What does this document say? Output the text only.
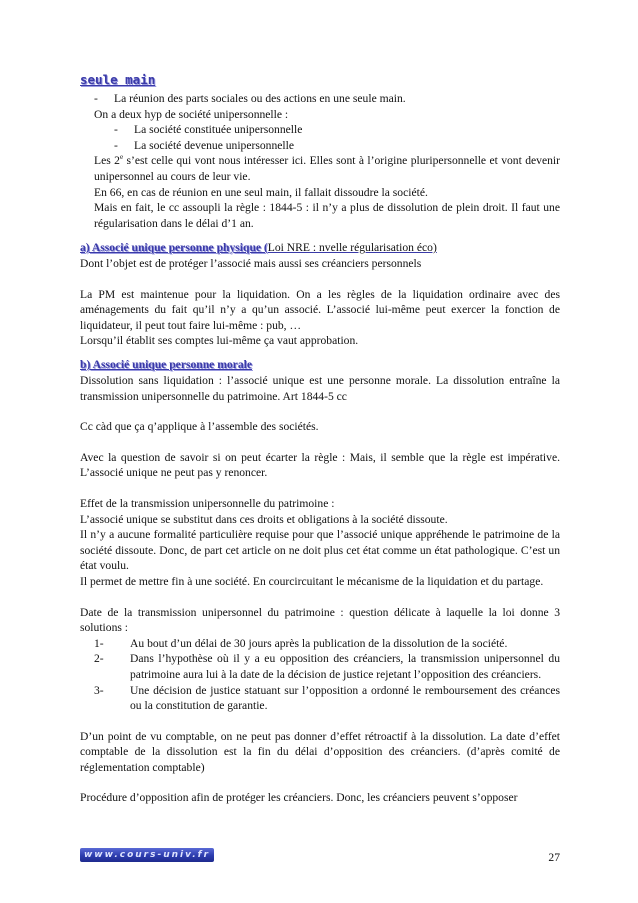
seule main
- La réunion des parts sociales ou des actions en une seule main.
On a deux hyp de société unipersonnelle :
- La société constituée unipersonnelle
- La société devenue unipersonnelle
Les 2e s’est celle qui vont nous intéresser ici. Elles sont à l’origine pluripersonnelle et vont devenir unipersonnel au cours de leur vie.
En 66, en cas de réunion en une seul main, il fallait dissoudre la société.
Mais en fait, le cc assoupli la règle : 1844-5 : il n’y a plus de dissolution de plein droit. Il faut une régularisation dans le délai d’1 an.
a) Associé unique personne physique (Loi NRE : nvelle régularisation éco)
Dont l’objet est de protéger l’associé mais aussi ses créanciers personnels
La PM est maintenue pour la liquidation. On a les règles de la liquidation ordinaire avec des aménagements du fait qu’il n’y a qu’un associé. L’associé lui-même peut exercer la fonction de liquidateur, il peut tout faire lui-même : pub, …
Lorsqu’il établit ses comptes lui-même ça vaut approbation.
b) Associé unique personne morale
Dissolution sans liquidation : l’associé unique est une personne morale. La dissolution entraîne la transmission unipersonnelle du patrimoine. Art 1844-5 cc
Cc càd que ça q’applique à l’assemble des sociétés.
Avec la question de savoir si on peut écarter la règle : Mais, il semble que la règle est impérative. L’associé unique ne peut pas y renoncer.
Effet de la transmission unipersonnelle du patrimoine :
L’associé unique se substitut dans ces droits et obligations à la société dissoute.
Il n’y a aucune formalité particulière requise pour que l’associé unique appréhende le patrimoine de la société dissoute. Donc, de part cet article on ne doit plus cet état comme un état pathologique. C’est un état voulu.
Il permet de mettre fin à une société. En courcircuitant le mécanisme de la liquidation et du partage.
Date de la transmission unipersonnel du patrimoine : question délicate à laquelle la loi donne 3 solutions :
1-	Au bout d’un délai de 30 jours après la publication de la dissolution de la société.
2-	Dans l’hypothèse où il y a eu opposition des créanciers, la transmission unipersonnel du patrimoine aura lui à la date de la décision de justice rejetant l’opposition des créanciers.
3-	Une décision de justice statuant sur l’opposition a ordonné le remboursement des créances ou la constitution de garantie.
D’un point de vu comptable, on ne peut pas donner d’effet rétroactif à la dissolution. La date d’effet comptable de la dissolution est la fin du délai d’opposition des créanciers. (d’après comité de réglementation comptable)
Procédure d’opposition afin de protéger les créanciers. Donc, les créanciers peuvent s’opposer
www.cours-univ.fr	27
